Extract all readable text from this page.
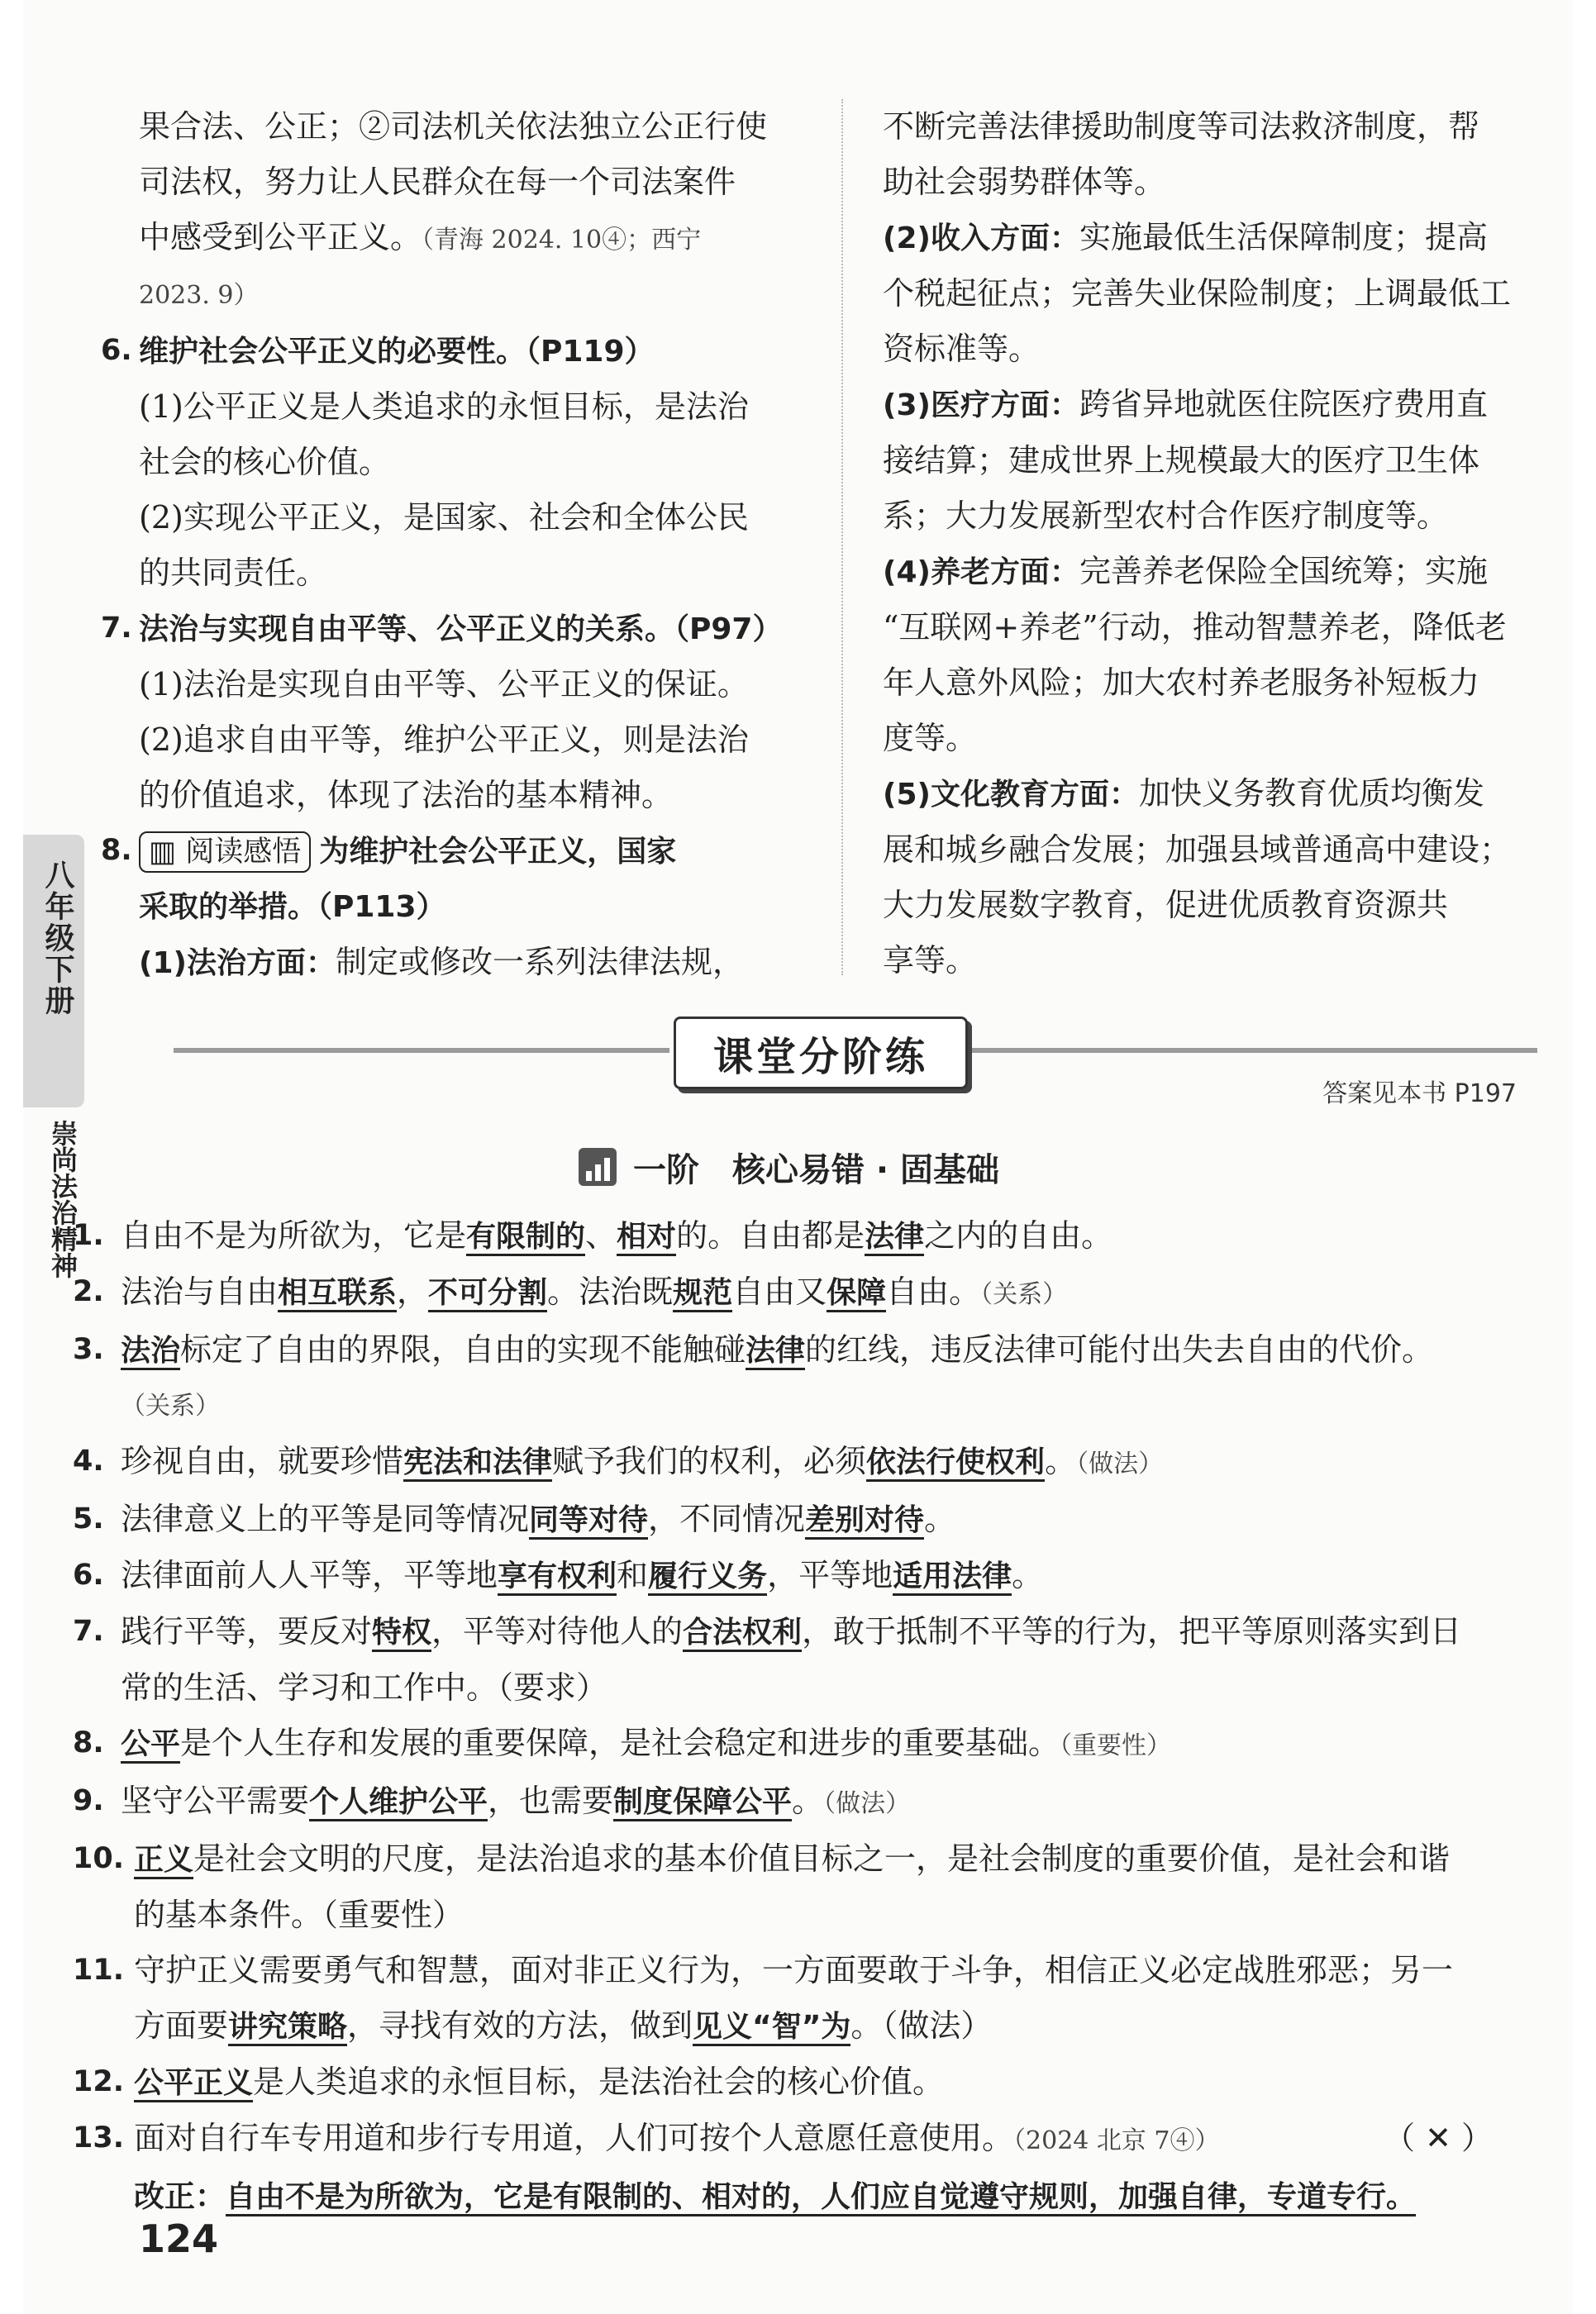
八年级下册
崇尚法治精神
果合法、公正；②司法机关依法独立公正行使
司法权，努力让人民群众在每一个司法案件
中感受到公平正义。（青海 2024. 10④；西宁
2023. 9）
6. 维护社会公平正义的必要性。（P119）
(1)公平正义是人类追求的永恒目标，是法治
社会的核心价值。
(2)实现公平正义，是国家、社会和全体公民
的共同责任。
7. 法治与实现自由平等、公平正义的关系。（P97）
(1)法治是实现自由平等、公平正义的保证。
(2)追求自由平等，维护公平正义，则是法治
的价值追求，体现了法治的基本精神。
8. ▥ 阅读感悟 为维护社会公平正义，国家
采取的举措。（P113）
(1)法治方面：制定或修改一系列法律法规，
不断完善法律援助制度等司法救济制度，帮
助社会弱势群体等。
(2)收入方面：实施最低生活保障制度；提高
个税起征点；完善失业保险制度；上调最低工
资标准等。
(3)医疗方面：跨省异地就医住院医疗费用直
接结算；建成世界上规模最大的医疗卫生体
系；大力发展新型农村合作医疗制度等。
(4)养老方面：完善养老保险全国统筹；实施
“互联网+养老”行动，推动智慧养老，降低老
年人意外风险；加大农村养老服务补短板力
度等。
(5)文化教育方面：加快义务教育优质均衡发
展和城乡融合发展；加强县域普通高中建设；
大力发展数字教育，促进优质教育资源共
享等。
课堂分阶练
答案见本书 P197
一阶　核心易错 · 固基础
1. 自由不是为所欲为，它是有限制的、相对的。自由都是法律之内的自由。
2. 法治与自由相互联系，不可分割。法治既规范自由又保障自由。（关系）
3. 法治标定了自由的界限，自由的实现不能触碰法律的红线，违反法律可能付出失去自由的代价。
（关系）
4. 珍视自由，就要珍惜宪法和法律赋予我们的权利，必须依法行使权利。（做法）
5. 法律意义上的平等是同等情况同等对待，不同情况差别对待。
6. 法律面前人人平等，平等地享有权利和履行义务，平等地适用法律。
7. 践行平等，要反对特权，平等对待他人的合法权利，敢于抵制不平等的行为，把平等原则落实到日
常的生活、学习和工作中。（要求）
8. 公平是个人生存和发展的重要保障，是社会稳定和进步的重要基础。（重要性）
9. 坚守公平需要个人维护公平，也需要制度保障公平。（做法）
10. 正义是社会文明的尺度，是法治追求的基本价值目标之一，是社会制度的重要价值，是社会和谐
的基本条件。（重要性）
11. 守护正义需要勇气和智慧，面对非正义行为，一方面要敢于斗争，相信正义必定战胜邪恶；另一
方面要讲究策略，寻找有效的方法，做到见义“智”为。（做法）
12. 公平正义是人类追求的永恒目标，是法治社会的核心价值。
13. 面对自行车专用道和步行专用道，人们可按个人意愿任意使用。（2024 北京 7④）	（ ✕ ）
改正：自由不是为所欲为，它是有限制的、相对的，人们应自觉遵守规则，加强自律，专道专行。
124
